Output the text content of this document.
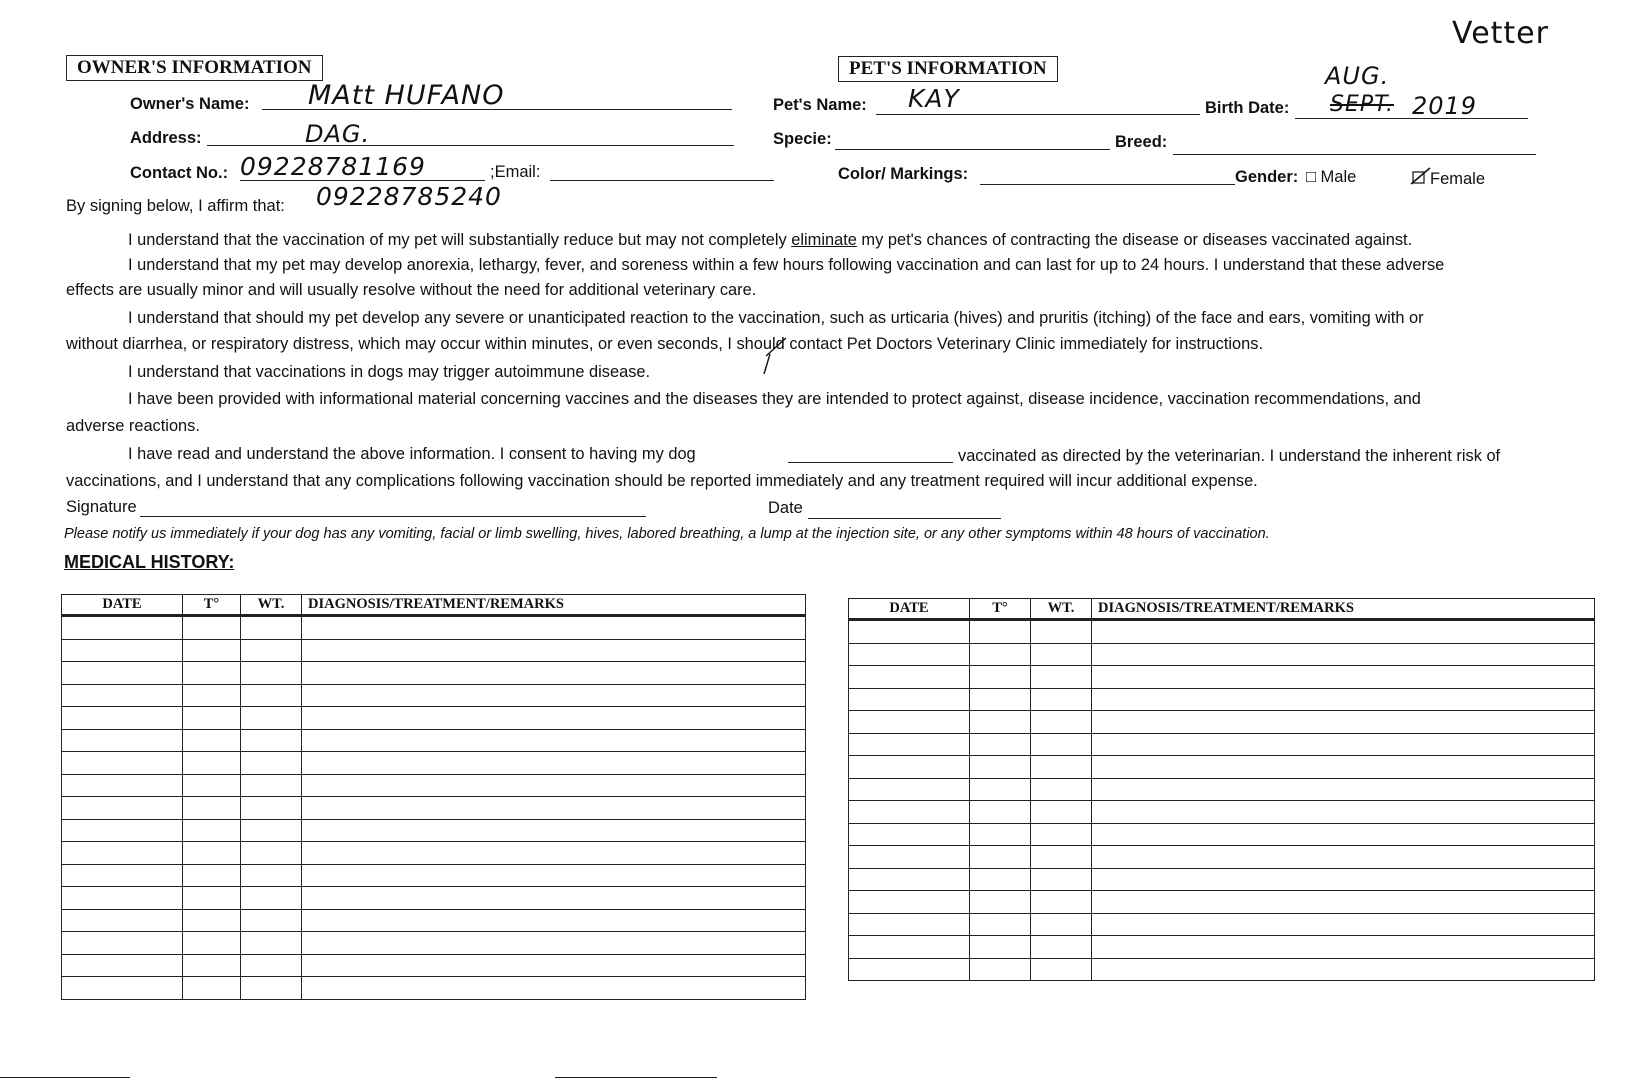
Vetter
OWNER'S INFORMATION
Owner's Name: MAtt HUFANO
Address:	DAG.
Contact No.: 09228781169	;Email:
By signing below, I affirm that: 09228785240
PET'S INFORMATION
Pet's Name: KAY	Birth Date:
AUG.
SEPT. 2019
Specie:	Breed:
Color/ Markings:	Gender: □ Male	Female
I understand that the vaccination of my pet will substantially reduce but may not completely eliminate my pet's chances of contracting the disease or diseases vaccinated against.
I understand that my pet may develop anorexia, lethargy, fever, and soreness within a few hours following vaccination and can last for up to 24 hours. I understand that these adverse
effects are usually minor and will usually resolve without the need for additional veterinary care.
I understand that should my pet develop any severe or unanticipated reaction to the vaccination, such as urticaria (hives) and pruritis (itching) of the face and ears, vomiting with or
without diarrhea, or respiratory distress, which may occur within minutes, or even seconds, I should contact Pet Doctors Veterinary Clinic immediately for instructions.
I understand that vaccinations in dogs may trigger autoimmune disease.
I have been provided with informational material concerning vaccines and the diseases they are intended to protect against, disease incidence, vaccination recommendations, and
adverse reactions.
I have read and understand the above information. I consent to having my dog	vaccinated as directed by the veterinarian. I understand the inherent risk of
vaccinations, and I understand that any complications following vaccination should be reported immediately and any treatment required will incur additional expense.
Signature	Date
Please notify us immediately if your dog has any vomiting, facial or limb swelling, hives, labored breathing, a lump at the injection site, or any other symptoms within 48 hours of vaccination.
MEDICAL HISTORY:
DATE	T°	WT.	DIAGNOSIS/TREATMENT/REMARKS

				DATE	T°	WT.	DIAGNOSIS/TREATMENT/REMARKS
